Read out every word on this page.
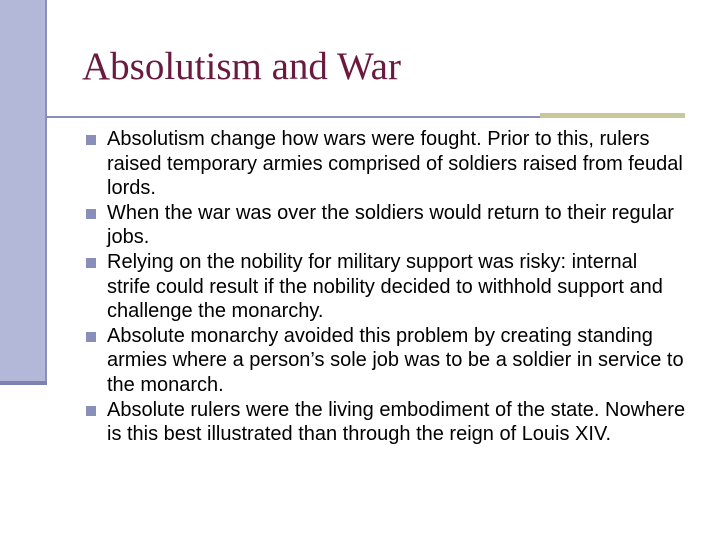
Absolutism and War
Absolutism change how wars were fought. Prior to this, rulers raised temporary armies comprised of soldiers raised from feudal lords.
When the war was over the soldiers would return to their regular jobs.
Relying on the nobility for military support was risky: internal strife could result if the nobility decided to withhold support and challenge the monarchy.
Absolute monarchy avoided this problem by creating standing armies where a person’s sole job was to be a soldier in service to the monarch.
Absolute rulers were the living embodiment of the state. Nowhere is this best illustrated than through the reign of Louis XIV.
